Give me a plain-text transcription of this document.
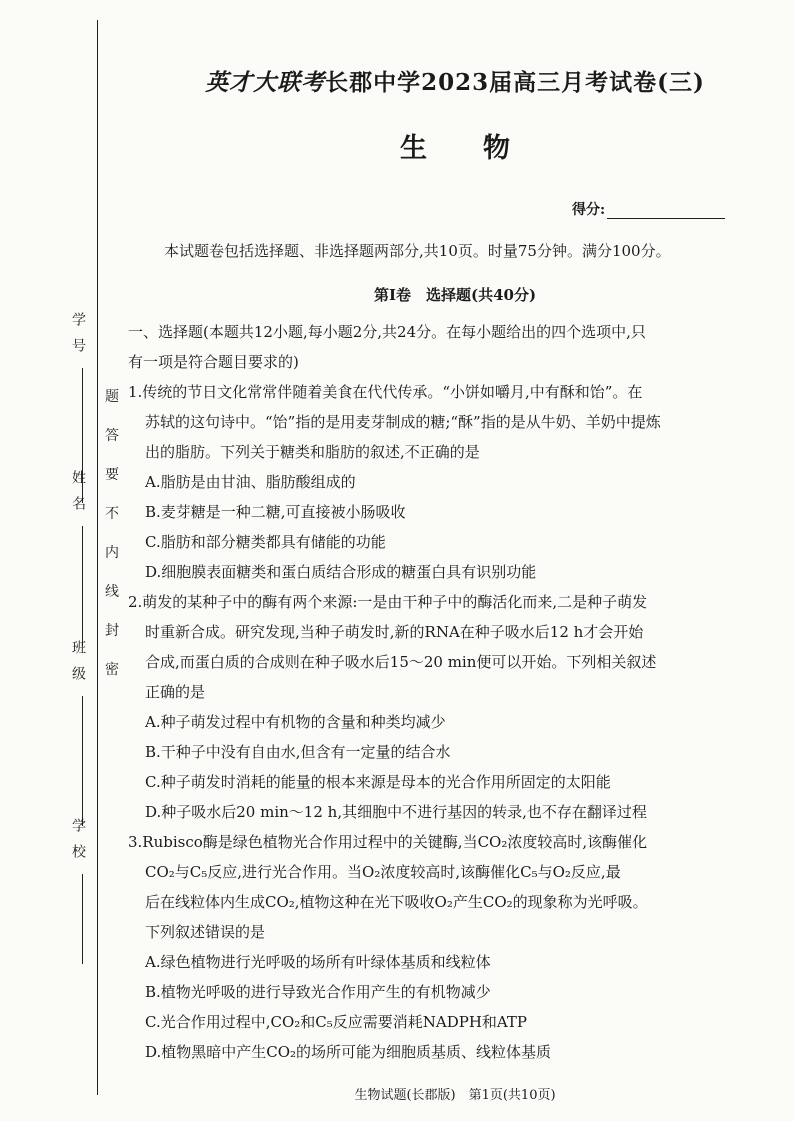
学号
姓名
班级
学校
题
答
要
不
内
线
封
密
英才大联考长郡中学2023届高三月考试卷(三)
生物
得分:
本试题卷包括选择题、非选择题两部分,共10页。时量75分钟。满分100分。
第Ⅰ卷　选择题(共40分)

一、选择题(本题共12小题,每小题2分,共24分。在每小题给出的四个选项中,只

有一项是符合题目要求的)

1.传统的节日文化常常伴随着美食在代代传承。“小饼如嚼月,中有酥和饴”。在

苏轼的这句诗中。“饴”指的是用麦芽制成的糖;“酥”指的是从牛奶、羊奶中提炼

出的脂肪。下列关于糖类和脂肪的叙述,不正确的是

A.脂肪是由甘油、脂肪酸组成的

B.麦芽糖是一种二糖,可直接被小肠吸收

C.脂肪和部分糖类都具有储能的功能

D.细胞膜表面糖类和蛋白质结合形成的糖蛋白具有识别功能

2.萌发的某种子中的酶有两个来源:一是由干种子中的酶活化而来,二是种子萌发

时重新合成。研究发现,当种子萌发时,新的RNA在种子吸水后12 h才会开始

合成,而蛋白质的合成则在种子吸水后15～20 min便可以开始。下列相关叙述

正确的是

A.种子萌发过程中有机物的含量和种类均减少

B.干种子中没有自由水,但含有一定量的结合水

C.种子萌发时消耗的能量的根本来源是母本的光合作用所固定的太阳能

D.种子吸水后20 min～12 h,其细胞中不进行基因的转录,也不存在翻译过程

3.Rubisco酶是绿色植物光合作用过程中的关键酶,当CO₂浓度较高时,该酶催化

CO₂与C₅反应,进行光合作用。当O₂浓度较高时,该酶催化C₅与O₂反应,最

后在线粒体内生成CO₂,植物这种在光下吸收O₂产生CO₂的现象称为光呼吸。

下列叙述错误的是

A.绿色植物进行光呼吸的场所有叶绿体基质和线粒体

B.植物光呼吸的进行导致光合作用产生的有机物减少

C.光合作用过程中,CO₂和C₅反应需要消耗NADPH和ATP

D.植物黑暗中产生CO₂的场所可能为细胞质基质、线粒体基质

生物试题(长郡版)　第1页(共10页)
